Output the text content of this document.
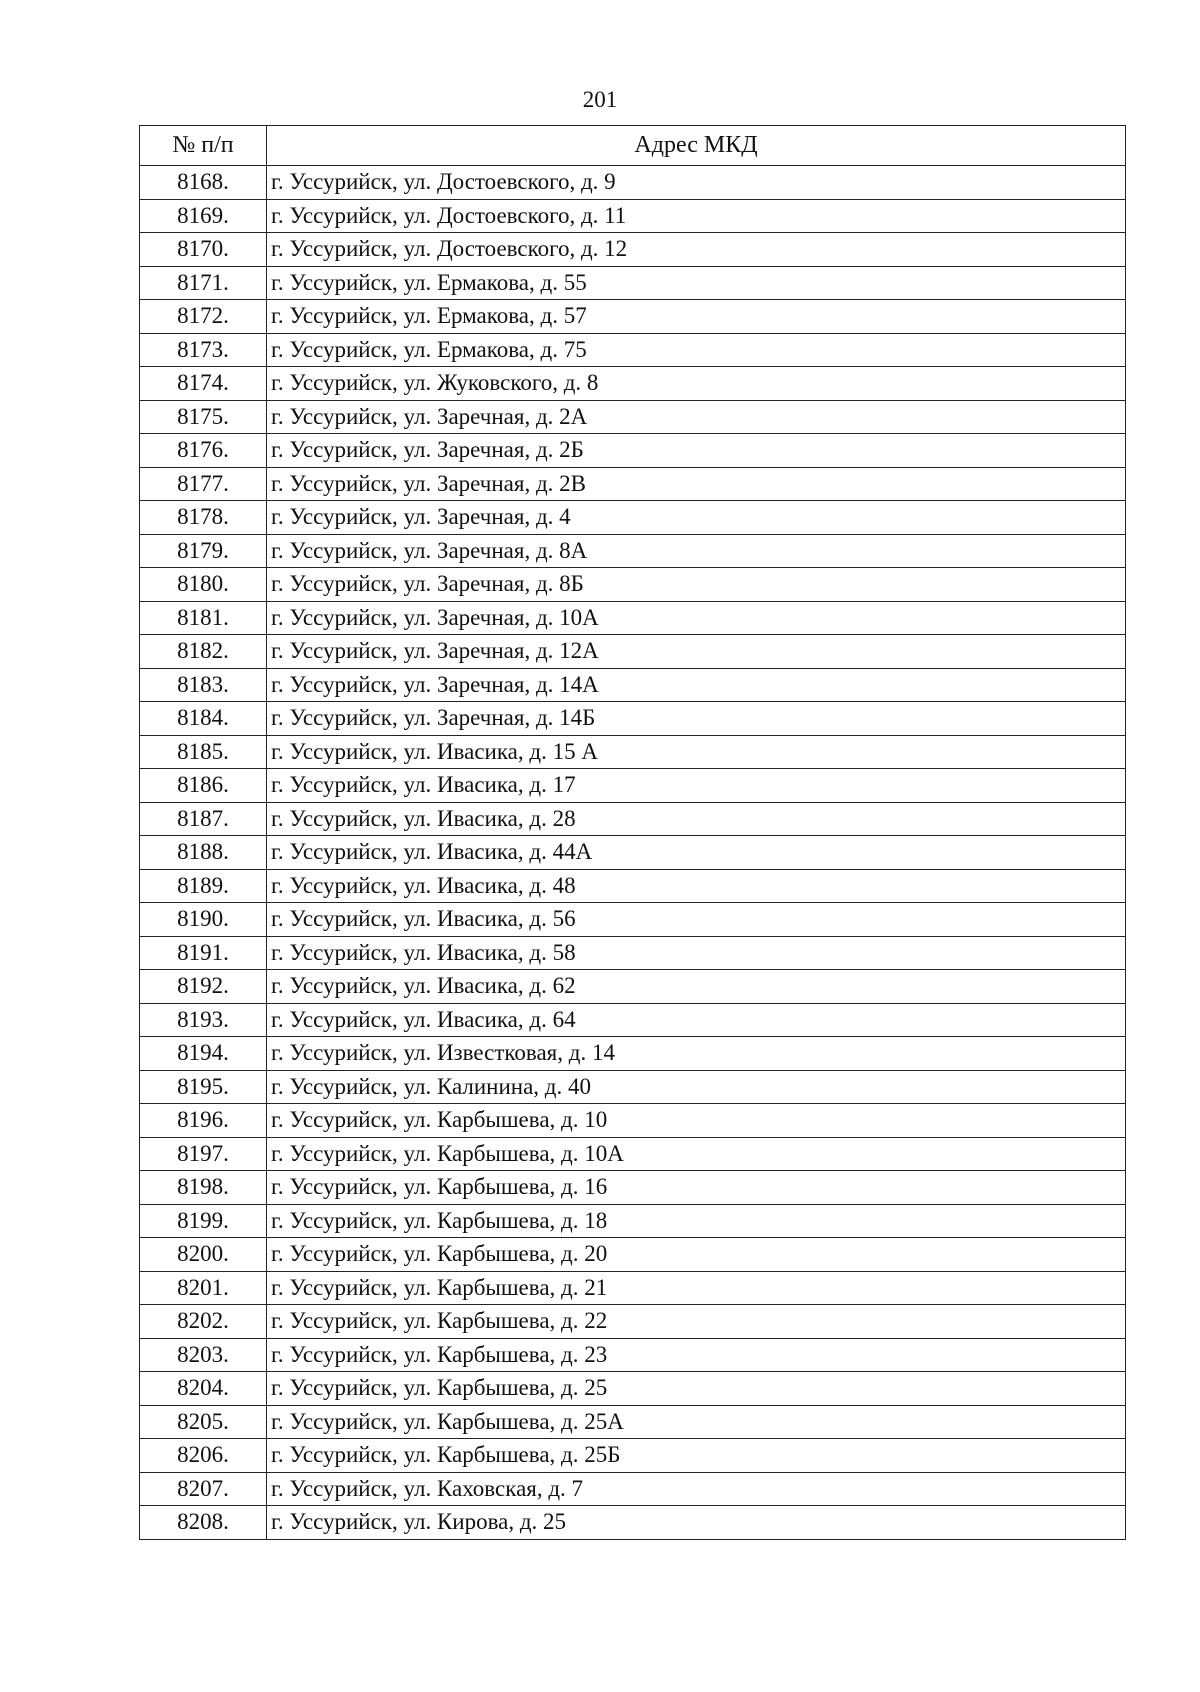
201
№ п/п	Адрес МКД
8168.	г. Уссурийск, ул. Достоевского, д. 9
8169.	г. Уссурийск, ул. Достоевского, д. 11
8170.	г. Уссурийск, ул. Достоевского, д. 12
8171.	г. Уссурийск, ул. Ермакова, д. 55
8172.	г. Уссурийск, ул. Ермакова, д. 57
8173.	г. Уссурийск, ул. Ермакова, д. 75
8174.	г. Уссурийск, ул. Жуковского, д. 8
8175.	г. Уссурийск, ул. Заречная, д. 2А
8176.	г. Уссурийск, ул. Заречная, д. 2Б
8177.	г. Уссурийск, ул. Заречная, д. 2В
8178.	г. Уссурийск, ул. Заречная, д. 4
8179.	г. Уссурийск, ул. Заречная, д. 8А
8180.	г. Уссурийск, ул. Заречная, д. 8Б
8181.	г. Уссурийск, ул. Заречная, д. 10А
8182.	г. Уссурийск, ул. Заречная, д. 12А
8183.	г. Уссурийск, ул. Заречная, д. 14А
8184.	г. Уссурийск, ул. Заречная, д. 14Б
8185.	г. Уссурийск, ул. Ивасика, д. 15 А
8186.	г. Уссурийск, ул. Ивасика, д. 17
8187.	г. Уссурийск, ул. Ивасика, д. 28
8188.	г. Уссурийск, ул. Ивасика, д. 44А
8189.	г. Уссурийск, ул. Ивасика, д. 48
8190.	г. Уссурийск, ул. Ивасика, д. 56
8191.	г. Уссурийск, ул. Ивасика, д. 58
8192.	г. Уссурийск, ул. Ивасика, д. 62
8193.	г. Уссурийск, ул. Ивасика, д. 64
8194.	г. Уссурийск, ул. Известковая, д. 14
8195.	г. Уссурийск, ул. Калинина, д. 40
8196.	г. Уссурийск, ул. Карбышева, д. 10
8197.	г. Уссурийск, ул. Карбышева, д. 10А
8198.	г. Уссурийск, ул. Карбышева, д. 16
8199.	г. Уссурийск, ул. Карбышева, д. 18
8200.	г. Уссурийск, ул. Карбышева, д. 20
8201.	г. Уссурийск, ул. Карбышева, д. 21
8202.	г. Уссурийск, ул. Карбышева, д. 22
8203.	г. Уссурийск, ул. Карбышева, д. 23
8204.	г. Уссурийск, ул. Карбышева, д. 25
8205.	г. Уссурийск, ул. Карбышева, д. 25А
8206.	г. Уссурийск, ул. Карбышева, д. 25Б
8207.	г. Уссурийск, ул. Каховская, д. 7
8208.	г. Уссурийск, ул. Кирова, д. 25
